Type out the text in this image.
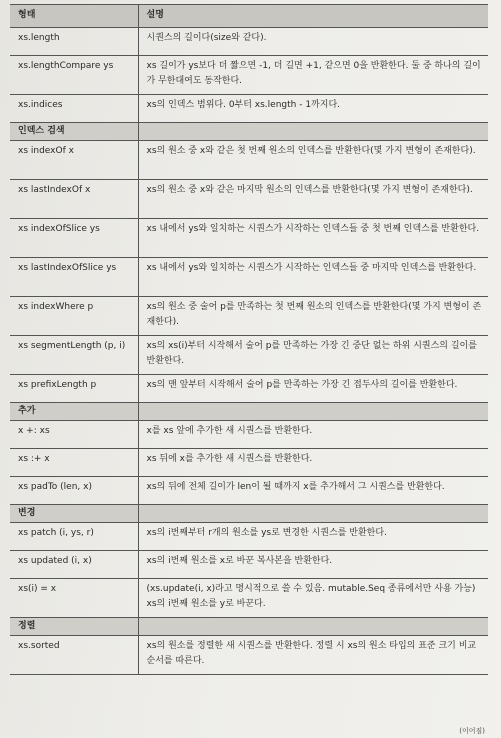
형태	설명
xs.length	시퀀스의 길이다(size와 같다).
xs.lengthCompare ys	xs 길이가 ys보다 더 짧으면 -1, 더 길면 +1, 같으면 0을 반환한다. 둘 중 하나의 길이가 무한대여도 동작한다.
xs.indices	xs의 인덱스 범위다. 0부터 xs.length - 1까지다.
인덱스 검색	
xs indexOf x	xs의 원소 중 x와 같은 첫 번째 원소의 인덱스를 반환한다(몇 가지 변형이 존재한다).
xs lastIndexOf x	xs의 원소 중 x와 같은 마지막 원소의 인덱스를 반환한다(몇 가지 변형이 존재한다).
xs indexOfSlice ys	xs 내에서 ys와 일치하는 시퀀스가 시작하는 인덱스들 중 첫 번째 인덱스를 반환한다.
xs lastIndexOfSlice ys	xs 내에서 ys와 일치하는 시퀀스가 시작하는 인덱스들 중 마지막 인덱스를 반환한다.
xs indexWhere p	xs의 원소 중 술어 p를 만족하는 첫 번째 원소의 인덱스를 반환한다(몇 가지 변형이 존재한다).
xs segmentLength (p, i)	xs의 xs(i)부터 시작해서 술어 p를 만족하는 가장 긴 중단 없는 하위 시퀀스의 길이를 반환한다.
xs prefixLength p	xs의 맨 앞부터 시작해서 술어 p를 만족하는 가장 긴 접두사의 길이를 반환한다.
추가	
x +: xs	x를 xs 앞에 추가한 새 시퀀스를 반환한다.
xs :+ x	xs 뒤에 x를 추가한 새 시퀀스를 반환한다.
xs padTo (len, x)	xs의 뒤에 전체 길이가 len이 될 때까지 x를 추가해서 그 시퀀스를 반환한다.
변경	
xs patch (i, ys, r)	xs의 i번째부터 r개의 원소를 ys로 변경한 시퀀스를 반환한다.
xs updated (i, x)	xs의 i번째 원소를 x로 바꾼 복사본을 반환한다.
xs(i) = x	(xs.update(i, x)라고 명시적으로 쓸 수 있음. mutable.Seq 종류에서만 사용 가능) xs의 i번째 원소를 y로 바꾼다.
정렬	
xs.sorted	xs의 원소를 정렬한 새 시퀀스를 반환한다. 정렬 시 xs의 원소 타입의 표준 크기 비교 순서를 따른다.
(이어짐)
